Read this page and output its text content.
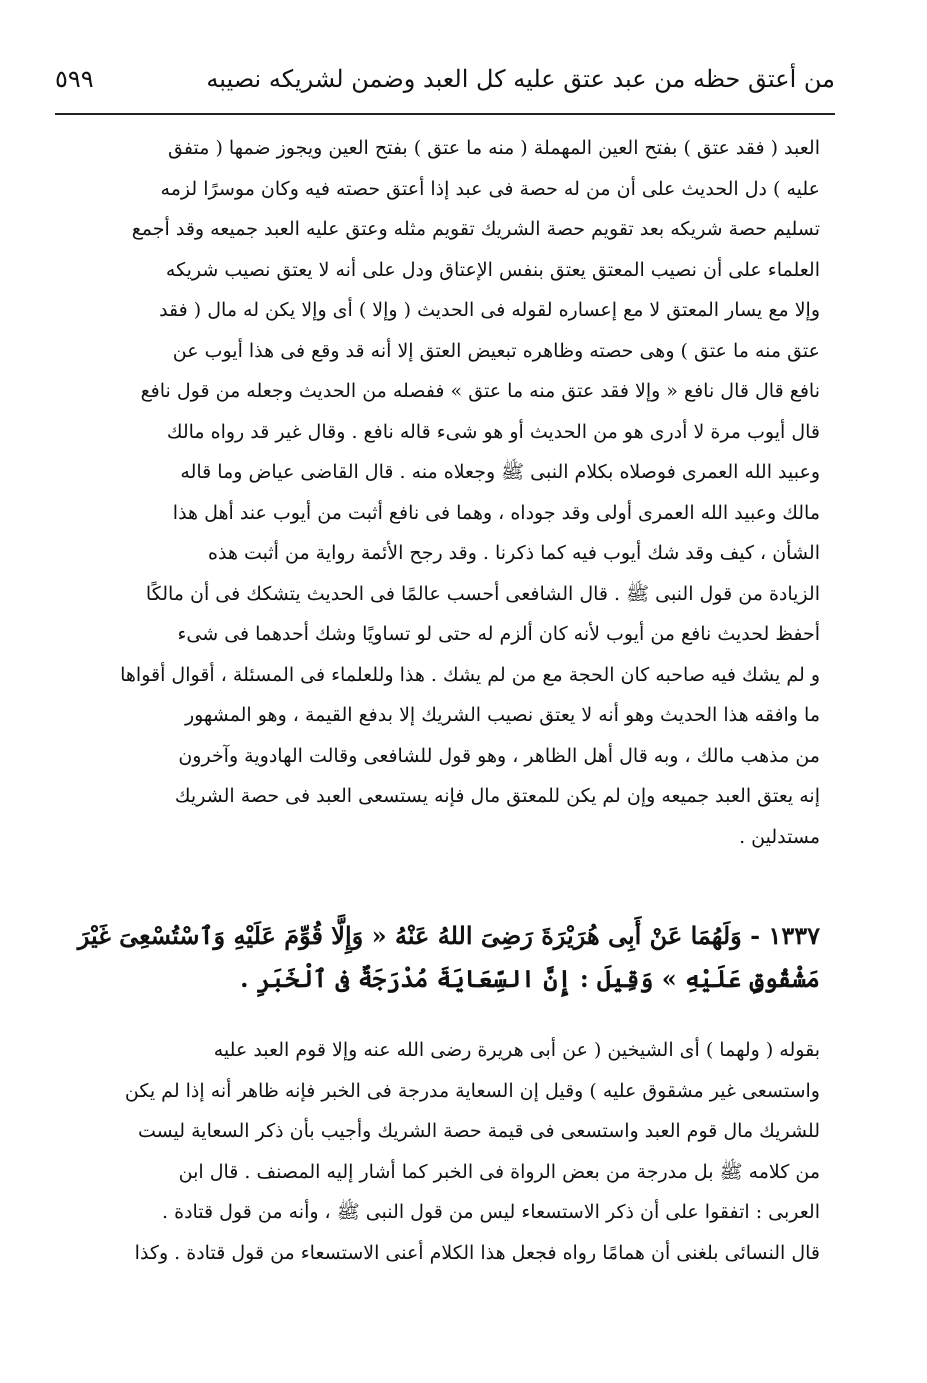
من أعتق حظه من عبد عتق عليه كل العبد وضمن لشريكه نصيبه
٥٩٩
العبد ( فقد عتق ) بفتح العين المهملة ( منه ما عتق ) بفتح العين ويجوز ضمها ( متفق
عليه ) دل الحديث على أن من له حصة فى عبد إذا أعتق حصته فيه وكان موسرًا لزمه
تسليم حصة شريكه بعد تقويم حصة الشريك تقويم مثله وعتق عليه العبد جميعه وقد أجمع
العلماء على أن نصيب المعتق يعتق بنفس الإعتاق ودل على أنه لا يعتق نصيب شريكه
وإلا مع يسار المعتق لا مع إعساره لقوله فى الحديث ( وإلا ) أى وإلا يكن له مال ( فقد
عتق منه ما عتق ) وهى حصته وظاهره تبعيض العتق إلا أنه قد وقع فى هذا أيوب عن
نافع قال قال نافع « وإلا فقد عتق منه ما عتق » ففصله من الحديث وجعله من قول نافع
قال أيوب مرة لا أدرى هو من الحديث أو هو شىء قاله نافع . وقال غير قد رواه مالك
وعبيد الله العمرى فوصلاه بكلام النبى ﷺ وجعلاه منه . قال القاضى عياض وما قاله
مالك وعبيد الله العمرى أولى وقد جوداه ، وهما فى نافع أثبت من أيوب عند أهل هذا
الشأن ، كيف وقد شك أيوب فيه كما ذكرنا . وقد رجح الأئمة رواية من أثبت هذه
الزيادة من قول النبى ﷺ . قال الشافعى أحسب عالمًا فى الحديث يتشكك فى أن مالكًا
أحفظ لحديث نافع من أيوب لأنه كان ألزم له حتى لو تساويًا وشك أحدهما فى شىء
و لم يشك فيه صاحبه كان الحجة مع من لم يشك . هذا وللعلماء فى المسئلة ، أقوال أقواها
ما وافقه هذا الحديث وهو أنه لا يعتق نصيب الشريك إلا بدفع القيمة ، وهو المشهور
من مذهب مالك ، وبه قال أهل الظاهر ، وهو قول للشافعى وقالت الهادوية وآخرون
إنه يعتق العبد جميعه وإن لم يكن للمعتق مال فإنه يستسعى العبد فى حصة الشريك
مستدلين .
١٣٣٧ - وَلَهُمَا عَنْ أَبِى هُرَيْرَةَ رَضِىَ اللهُ عَنْهُ « وَإِلَّا قُوِّمَ عَلَيْهِ وَٱسْتُسْعِىَ غَيْرَ
مَشْقُوقٍ عَلَيْهِ » وَقِيلَ : إِنَّ السِّعَايَةَ مُدْرَجَةٌ فى ٱلْخَبَرِ .
بقوله ( ولهما ) أى الشيخين ( عن أبى هريرة رضى الله عنه وإلا قوم العبد عليه
واستسعى غير مشقوق عليه ) وقيل إن السعاية مدرجة فى الخبر فإنه ظاهر أنه إذا لم يكن
للشريك مال قوم العبد واستسعى فى قيمة حصة الشريك وأجيب بأن ذكر السعاية ليست
من كلامه ﷺ بل مدرجة من بعض الرواة فى الخبر كما أشار إليه المصنف . قال ابن
العربى : اتفقوا على أن ذكر الاستسعاء ليس من قول النبى ﷺ ، وأنه من قول قتادة .
قال النسائى بلغنى أن همامًا رواه فجعل هذا الكلام أعنى الاستسعاء من قول قتادة . وكذا
